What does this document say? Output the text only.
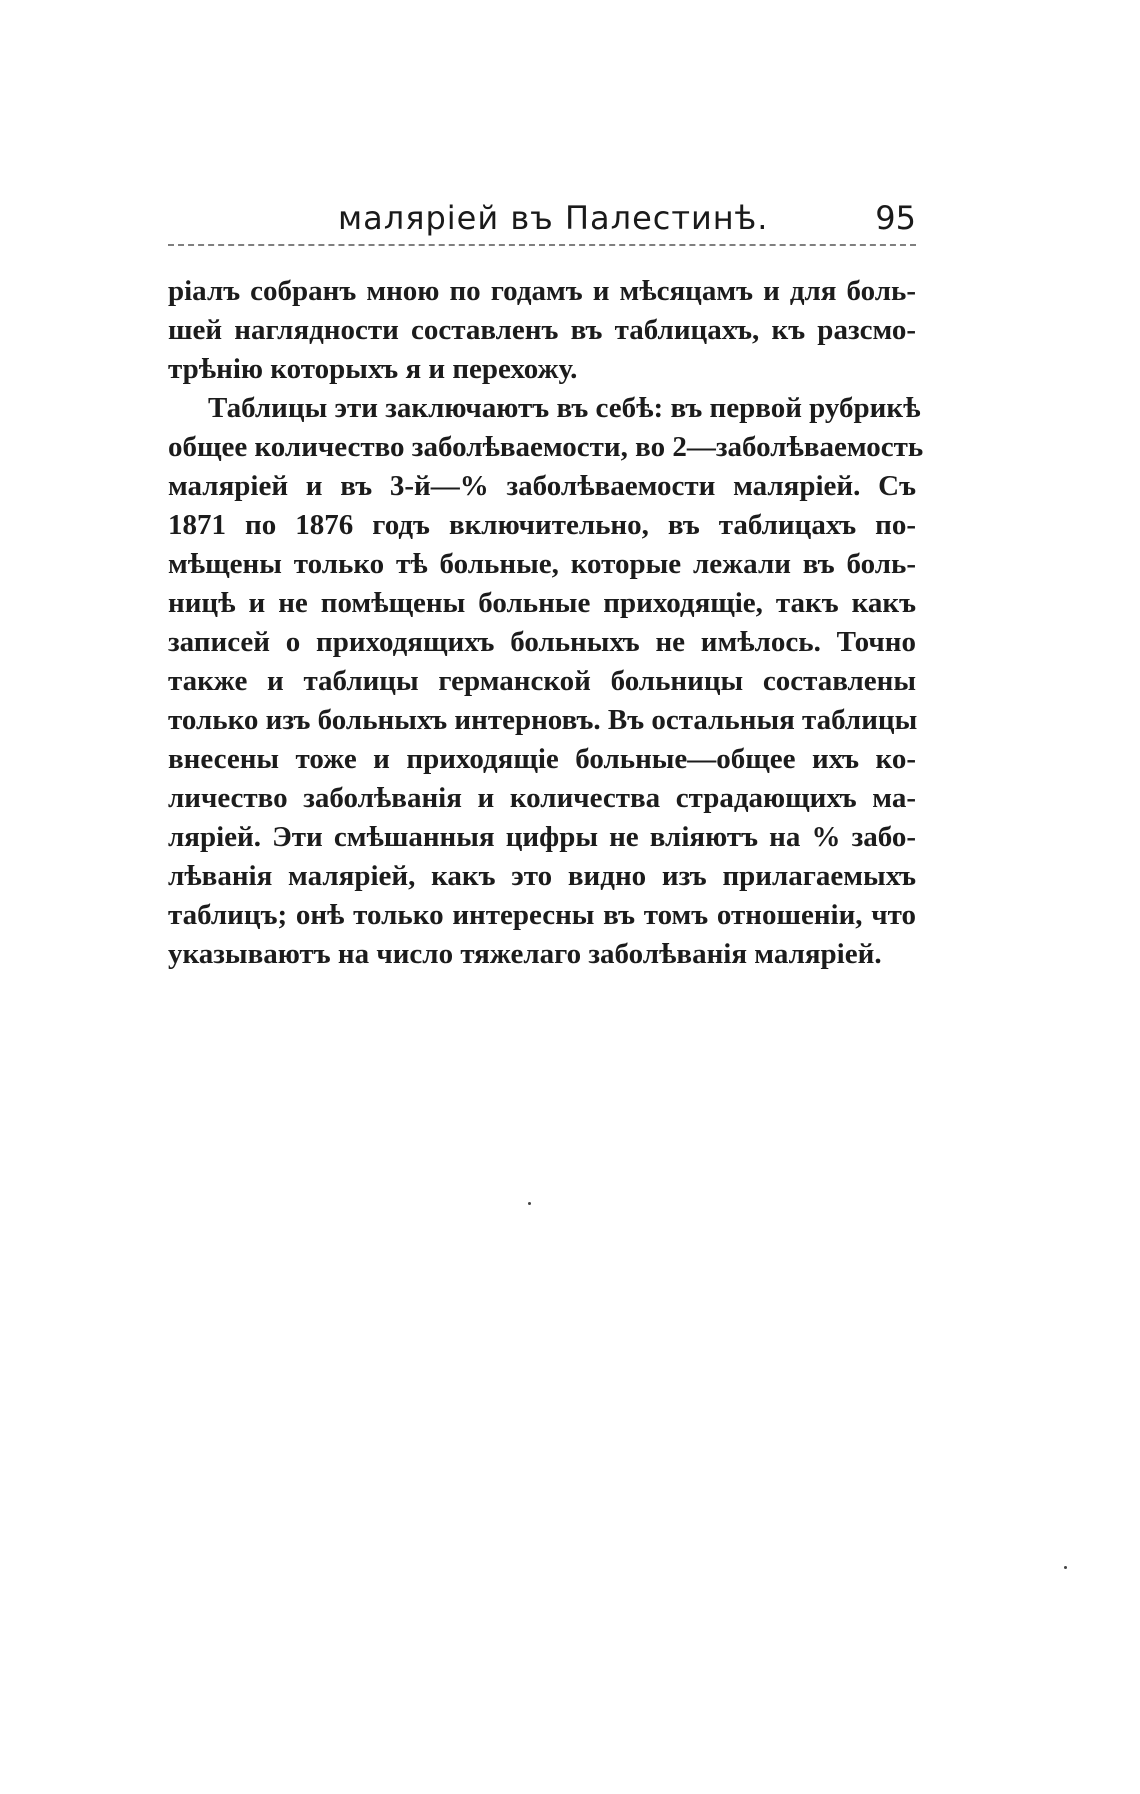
маляріей въ Палестинѣ.	95
ріалъ собранъ мною по годамъ и мѣсяцамъ и для боль-
шей наглядности составленъ въ таблицахъ, къ разсмо-
трѣнію которыхъ я и перехожу.
Таблицы эти заключаютъ въ себѣ: въ первой рубрикѣ
общее количество заболѣваемости, во 2—заболѣваемость
маляріей и въ 3-й—% заболѣваемости маляріей. Съ
1871 по 1876 годъ включительно, въ таблицахъ по-
мѣщены только тѣ больные, которые лежали въ боль-
ницѣ и не помѣщены больные приходящіе, такъ какъ
записей о приходящихъ больныхъ не имѣлось. Точно
также и таблицы германской больницы составлены
только изъ больныхъ интерновъ. Въ остальныя таблицы
внесены тоже и приходящіе больные—общее ихъ ко-
личество заболѣванія и количества страдающихъ ма-
ляріей. Эти смѣшанныя цифры не вліяютъ на % забо-
лѣванія маляріей, какъ это видно изъ прилагаемыхъ
таблицъ; онѣ только интересны въ томъ отношеніи, что
указываютъ на число тяжелаго заболѣванія маляріей.
